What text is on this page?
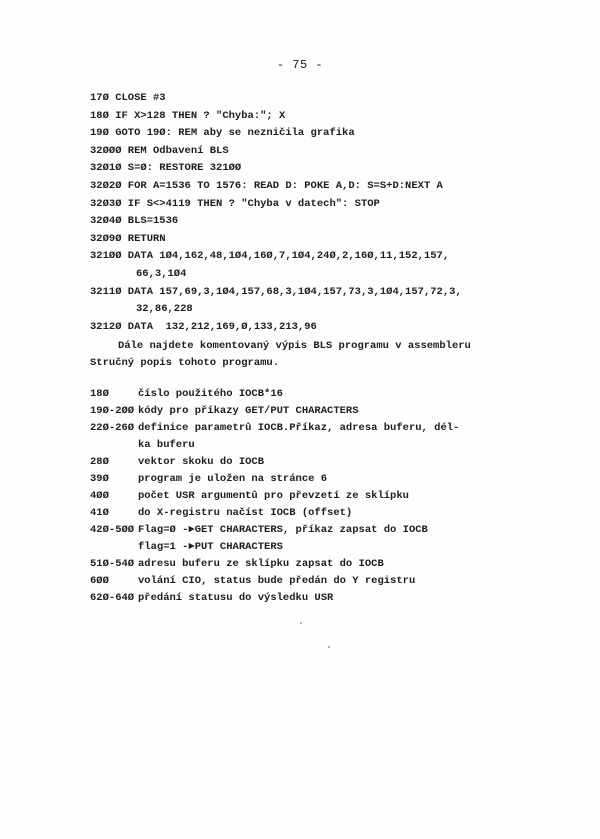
- 75 -
17Ø CLOSE #3
18Ø IF X>128 THEN ? "Chyba:"; X
19Ø GOTO 19Ø: REM aby se nezničila grafika
32ØØØ REM Odbavení BLS
32Ø1Ø S=Ø: RESTORE 321ØØ
32Ø2Ø FOR A=1536 TO 1576: READ D: POKE A,D: S=S+D:NEXT A
32Ø3Ø IF S<>4119 THEN ? "Chyba v datech": STOP
32Ø4Ø BLS=1536
32Ø9Ø RETURN
321ØØ DATA 1Ø4,162,48,1Ø4,16Ø,7,1Ø4,24Ø,2,16Ø,11,152,157,
66,3,1Ø4
3211Ø DATA 157,69,3,1Ø4,157,68,3,1Ø4,157,73,3,1Ø4,157,72,3,
32,86,228
3212Ø DATA  132,212,169,Ø,133,213,96
Dále najdete komentovaný výpis BLS programu v assembleru
Stručný popis tohoto programu.
18Ø	číslo použitého IOCB*16
19Ø-2ØØ kódy pro příkazy GET/PUT CHARACTERS
22Ø-26Ø definice parametrů IOCB.Příkaz, adresa buferu, dél-
ka buferu
28Ø	vektor skoku do IOCB
39Ø	program je uložen na stránce 6
4ØØ	počet USR argumentů pro převzetí ze sklípku
41Ø	do X-registru načíst IOCB (offset)
42Ø-5ØØ Flag=Ø -►GET CHARACTERS, příkaz zapsat do IOCB
flag=1 -►PUT CHARACTERS
51Ø-54Ø adresu buferu ze sklípku zapsat do IOCB
6ØØ	volání CIO, status bude předán do Y registru
62Ø-64Ø předání statusu do výsledku USR
